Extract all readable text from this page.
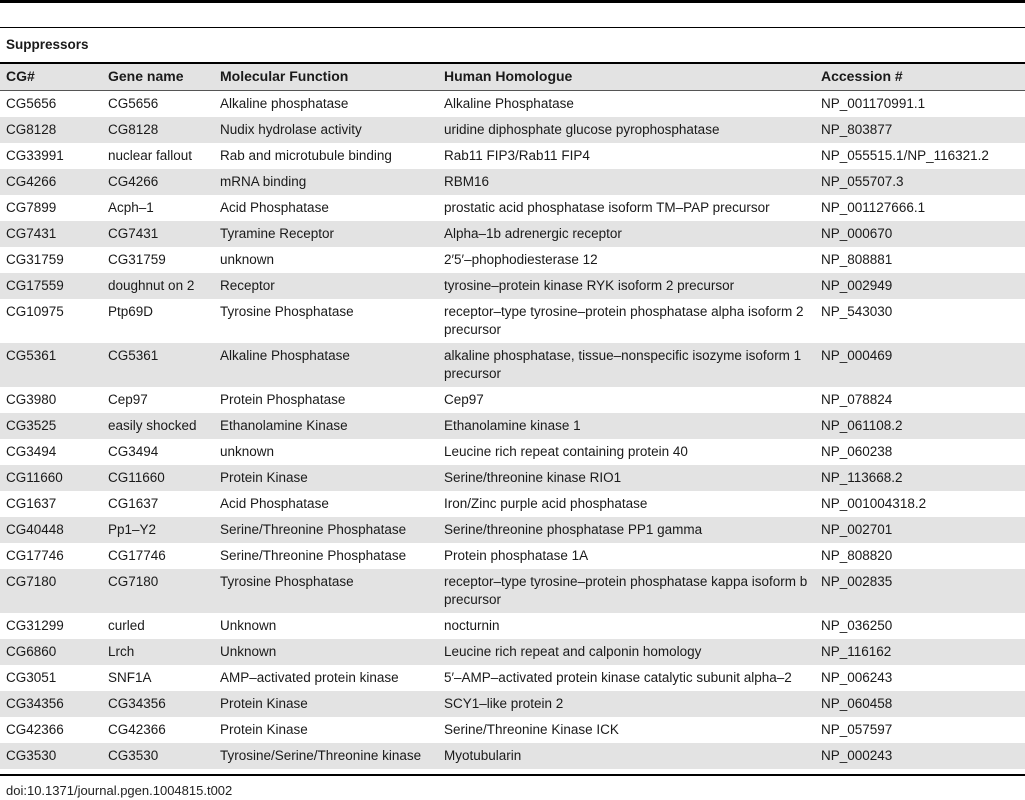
Suppressors
CG#	Gene name	Molecular Function	Human Homologue	Accession #
CG5656	CG5656	Alkaline phosphatase	Alkaline Phosphatase	NP_001170991.1
CG8128	CG8128	Nudix hydrolase activity	uridine diphosphate glucose pyrophosphatase	NP_803877
CG33991	nuclear fallout	Rab and microtubule binding	Rab11 FIP3/Rab11 FIP4	NP_055515.1/NP_116321.2
CG4266	CG4266	mRNA binding	RBM16	NP_055707.3
CG7899	Acph–1	Acid Phosphatase	prostatic acid phosphatase isoform TM–PAP precursor	NP_001127666.1
CG7431	CG7431	Tyramine Receptor	Alpha–1b adrenergic receptor	NP_000670
CG31759	CG31759	unknown	2′5′–phophodiesterase 12	NP_808881
CG17559	doughnut on 2	Receptor	tyrosine–protein kinase RYK isoform 2 precursor	NP_002949
CG10975	Ptp69D	Tyrosine Phosphatase	receptor–type tyrosine–protein phosphatase alpha isoform 2 precursor	NP_543030
CG5361	CG5361	Alkaline Phosphatase	alkaline phosphatase, tissue–nonspecific isozyme isoform 1 precursor	NP_000469
CG3980	Cep97	Protein Phosphatase	Cep97	NP_078824
CG3525	easily shocked	Ethanolamine Kinase	Ethanolamine kinase 1	NP_061108.2
CG3494	CG3494	unknown	Leucine rich repeat containing protein 40	NP_060238
CG11660	CG11660	Protein Kinase	Serine/threonine kinase RIO1	NP_113668.2
CG1637	CG1637	Acid Phosphatase	Iron/Zinc purple acid phosphatase	NP_001004318.2
CG40448	Pp1–Y2	Serine/Threonine Phosphatase	Serine/threonine phosphatase PP1 gamma	NP_002701
CG17746	CG17746	Serine/Threonine Phosphatase	Protein phosphatase 1A	NP_808820
CG7180	CG7180	Tyrosine Phosphatase	receptor–type tyrosine–protein phosphatase kappa isoform b precursor	NP_002835
CG31299	curled	Unknown	nocturnin	NP_036250
CG6860	Lrch	Unknown	Leucine rich repeat and calponin homology	NP_116162
CG3051	SNF1A	AMP–activated protein kinase	5′–AMP–activated protein kinase catalytic subunit alpha–2	NP_006243
CG34356	CG34356	Protein Kinase	SCY1–like protein 2	NP_060458
CG42366	CG42366	Protein Kinase	Serine/Threonine Kinase ICK	NP_057597
CG3530	CG3530	Tyrosine/Serine/Threonine kinase	Myotubularin	NP_000243
doi:10.1371/journal.pgen.1004815.t002
